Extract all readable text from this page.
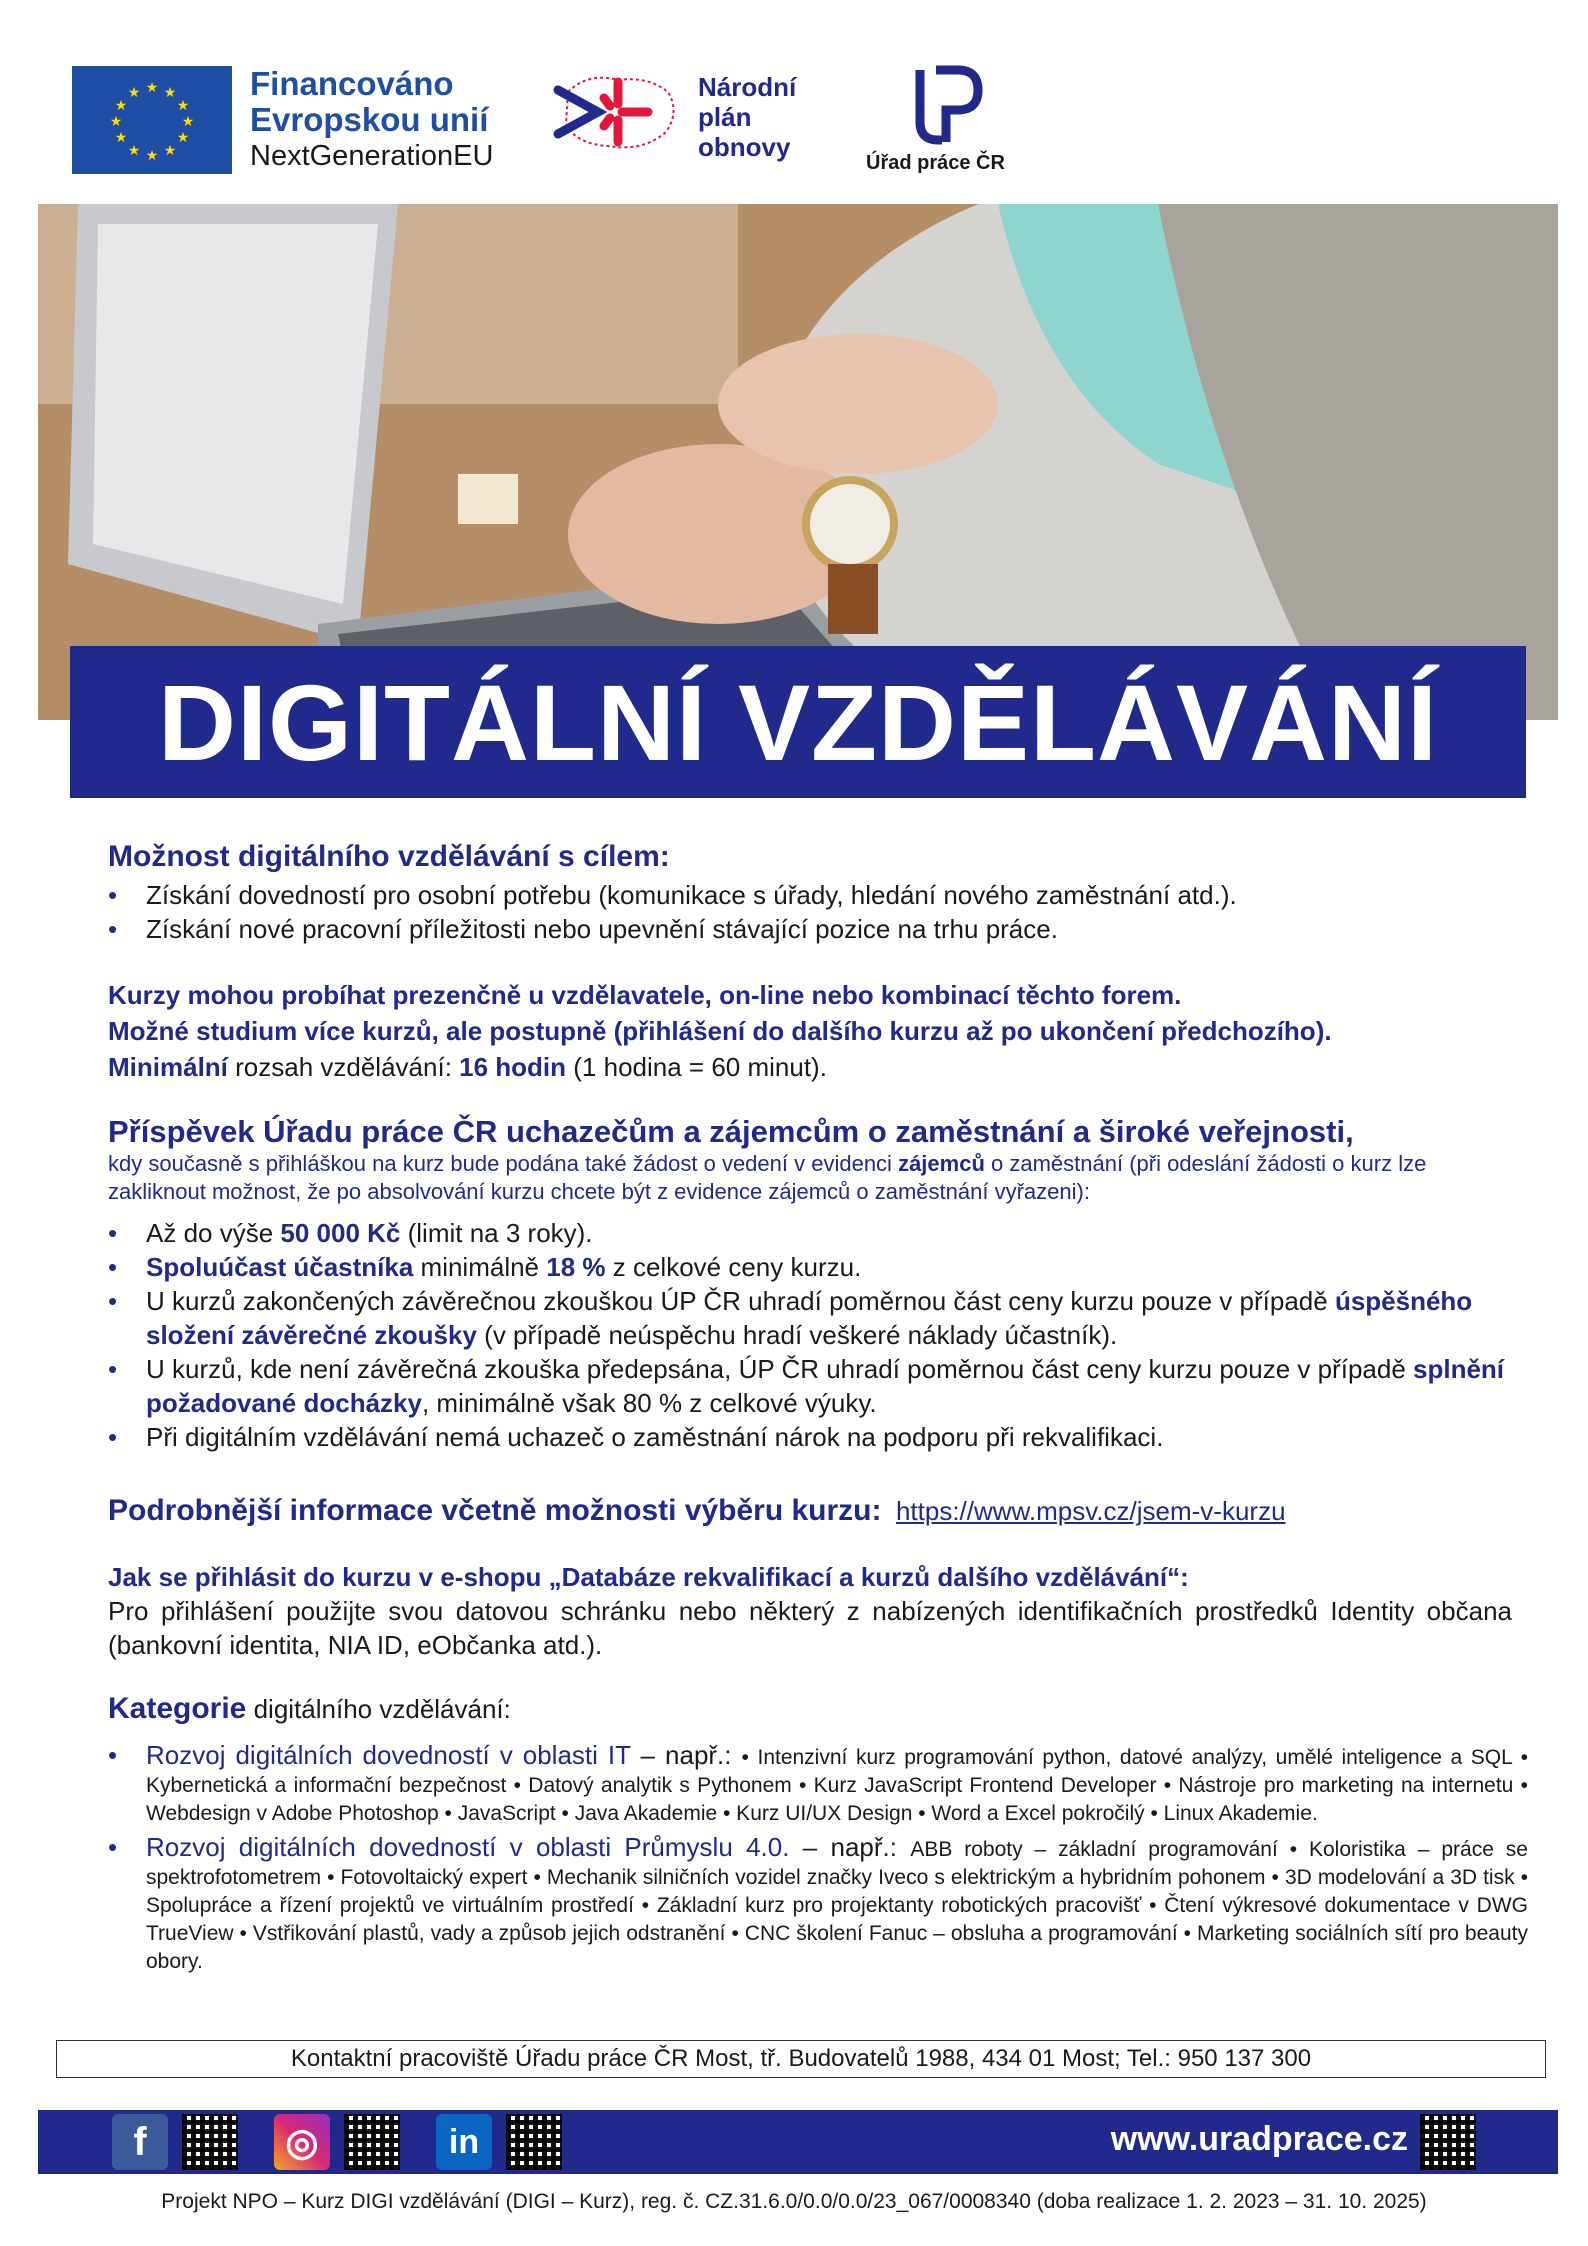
★ ★
★
★
★
★
★
★
★
★
★
★	Financováno
Evropskou unií
NextGenerationEU
Národní
plán
obnovy
Úřad práce ČR
DIGITÁLNÍ VZDĚLÁVÁNÍ
Možnost digitálního vzdělávání s cílem:
• Získání dovedností pro osobní potřebu (komunikace s úřady, hledání nového zaměstnání atd.).
• Získání nové pracovní příležitosti nebo upevnění stávající pozice na trhu práce.
Kurzy mohou probíhat prezenčně u vzdělavatele, on-line nebo kombinací těchto forem.
Možné studium více kurzů, ale postupně (přihlášení do dalšího kurzu až po ukončení předchozího).
Minimální rozsah vzdělávání: 16 hodin (1 hodina = 60 minut).
Příspěvek Úřadu práce ČR uchazečům a zájemcům o zaměstnání a široké veřejnosti,
kdy současně s přihláškou na kurz bude podána také žádost o vedení v evidenci zájemců o zaměstnání (při odeslání žádosti o kurz lze zakliknout možnost, že po absolvování kurzu chcete být z evidence zájemců o zaměstnání vyřazeni):
• Až do výše 50 000 Kč (limit na 3 roky).
• Spoluúčast účastníka minimálně 18 % z celkové ceny kurzu.
• U kurzů zakončených závěrečnou zkouškou ÚP ČR uhradí poměrnou část ceny kurzu pouze v případě úspěšného složení závěrečné zkoušky (v případě neúspěchu hradí veškeré náklady účastník).
• U kurzů, kde není závěrečná zkouška předepsána, ÚP ČR uhradí poměrnou část ceny kurzu pouze v případě splnění požadované docházky, minimálně však 80 % z celkové výuky.
• Při digitálním vzdělávání nemá uchazeč o zaměstnání nárok na podporu při rekvalifikaci.
Podrobnější informace včetně možnosti výběru kurzu: https://www.mpsv.cz/jsem-v-kurzu
Jak se přihlásit do kurzu v e-shopu „Databáze rekvalifikací a kurzů dalšího vzdělávání“:
Pro přihlášení použijte svou datovou schránku nebo některý z nabízených identifikačních prostředků Identity občana (bankovní identita, NIA ID, eObčanka atd.).
Kategorie digitálního vzdělávání:
• Rozvoj digitálních dovedností v oblasti IT – např.: • Intenzivní kurz programování python, datové analýzy, umělé inteligence a SQL • Kybernetická a informační bezpečnost • Datový analytik s Pythonem • Kurz JavaScript Frontend Developer • Nástroje pro marketing na internetu • Webdesign v Adobe Photoshop • JavaScript • Java Akademie • Kurz UI/UX Design • Word a Excel pokročilý • Linux Akademie.
• Rozvoj digitálních dovedností v oblasti Průmyslu 4.0. – např.: ABB roboty – základní programování • Koloristika – práce se spektrofotometrem • Fotovoltaický expert • Mechanik silničních vozidel značky Iveco s elektrickým a hybridním pohonem • 3D modelování a 3D tisk • Spolupráce a řízení projektů ve virtuálním prostředí • Základní kurz pro projektanty robotických pracovišť • Čtení výkresové dokumentace v DWG TrueView • Vstřikování plastů, vady a způsob jejich odstranění • CNC školení Fanuc – obsluha a programování • Marketing sociálních sítí pro beauty obory.
Kontaktní pracoviště Úřadu práce ČR Most, tř. Budovatelů 1988, 434 01 Most; Tel.: 950 137 300
f	◎	in	www.uradprace.cz
Projekt NPO – Kurz DIGI vzdělávání (DIGI – Kurz), reg. č. CZ.31.6.0/0.0/0.0/23_067/0008340 (doba realizace 1. 2. 2023 – 31. 10. 2025)
